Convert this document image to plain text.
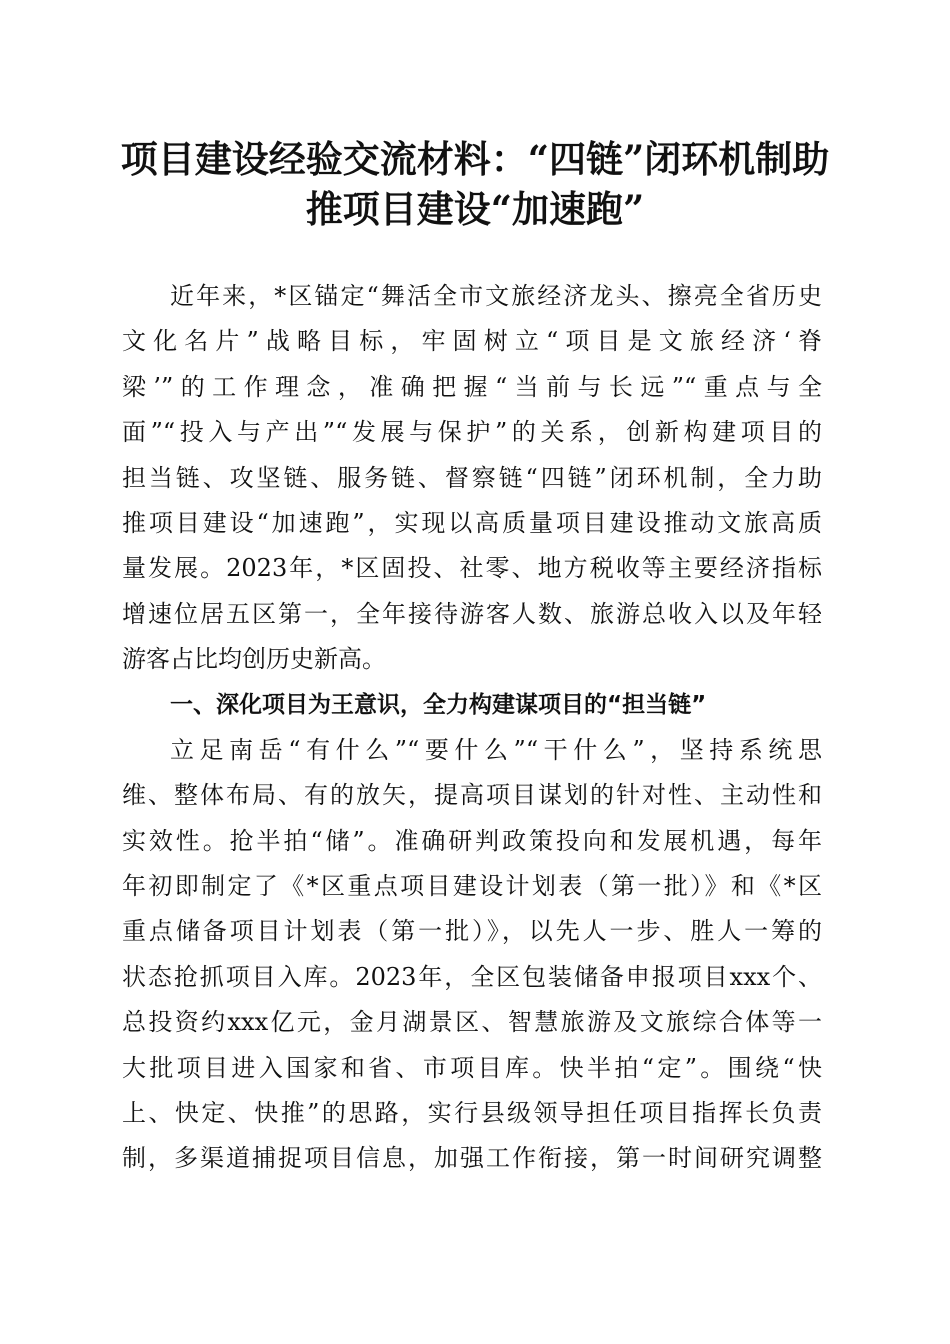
项目建设经验交流材料：“四链”闭环机制助
推项目建设“加速跑”
近年来，*区锚定“舞活全市文旅经济龙头、擦亮全省历史
文化名片”战略目标，牢固树立“项目是文旅经济‘脊
梁’”的工作理念，准确把握“当前与长远”“重点与全
面”“投入与产出”“发展与保护”的关系，创新构建项目的
担当链、攻坚链、服务链、督察链“四链”闭环机制，全力助
推项目建设“加速跑”，实现以高质量项目建设推动文旅高质
量发展。2023年，*区固投、社零、地方税收等主要经济指标
增速位居五区第一，全年接待游客人数、旅游总收入以及年轻
游客占比均创历史新高。
一、深化项目为王意识，全力构建谋项目的“担当链”
立足南岳“有什么”“要什么”“干什么”，坚持系统思
维、整体布局、有的放矢，提高项目谋划的针对性、主动性和
实效性。抢半拍“储”。准确研判政策投向和发展机遇，每年
年初即制定了《*区重点项目建设计划表（第一批）》和《*区
重点储备项目计划表（第一批）》，以先人一步、胜人一筹的
状态抢抓项目入库。2023年，全区包装储备申报项目xxx个、
总投资约xxx亿元，金月湖景区、智慧旅游及文旅综合体等一
大批项目进入国家和省、市项目库。快半拍“定”。围绕“快
上、快定、快推”的思路，实行县级领导担任项目指挥长负责
制，多渠道捕捉项目信息，加强工作衔接，第一时间研究调整
